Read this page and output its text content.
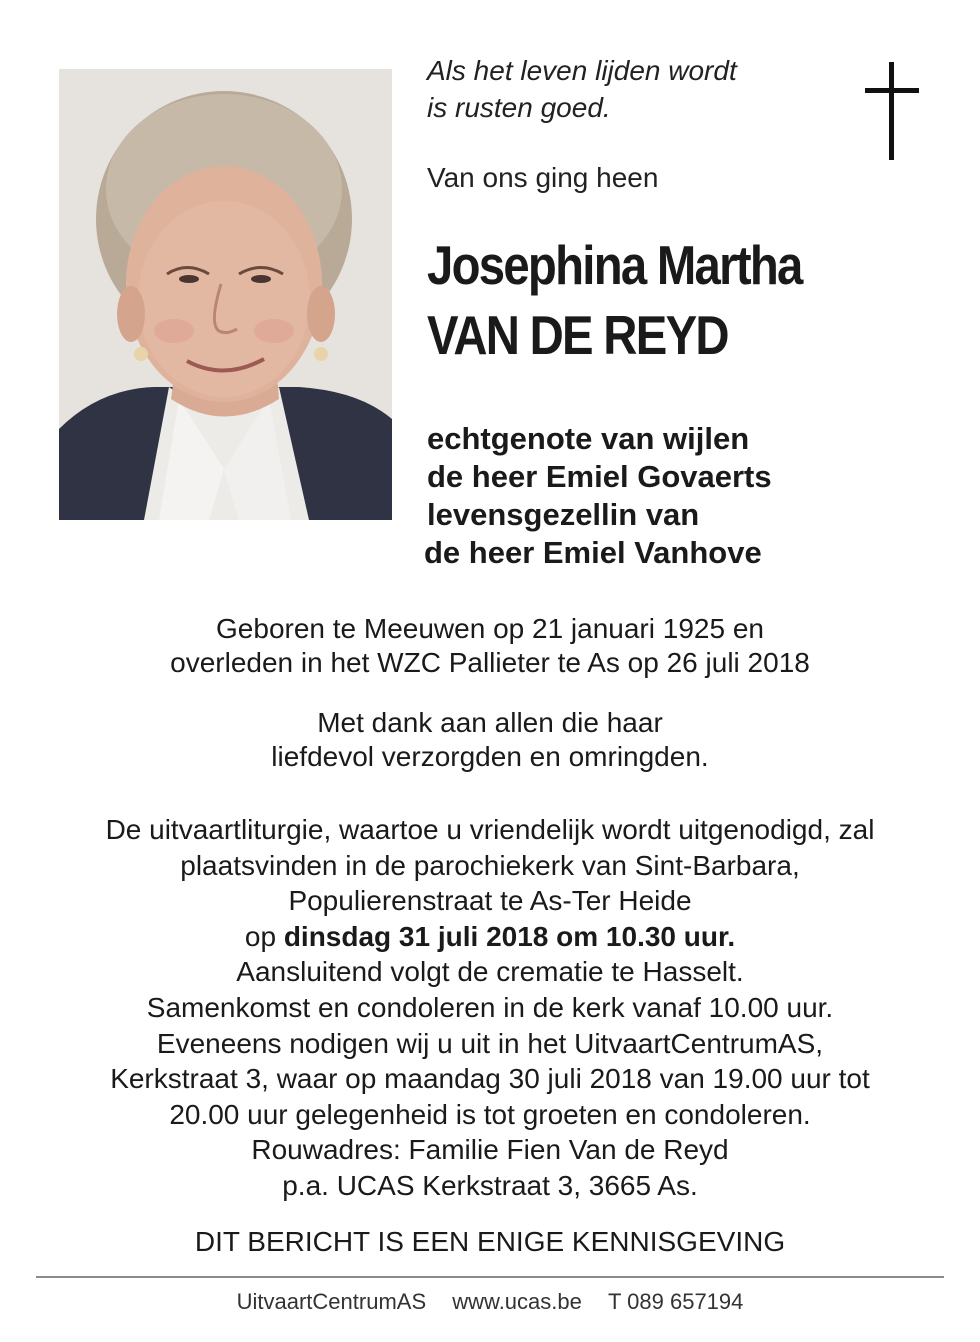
Als het leven lijden wordt
is rusten goed.
Van ons ging heen
Josephina Martha
VAN DE REYD
echtgenote van wijlen
de heer Emiel Govaerts
levensgezellin van
de heer Emiel Vanhove
Geboren te Meeuwen op 21 januari 1925 en
overleden in het WZC Pallieter te As op 26 juli 2018
Met dank aan allen die haar
liefdevol verzorgden en omringden.
De uitvaartliturgie, waartoe u vriendelijk wordt uitgenodigd, zal
plaatsvinden in de parochiekerk van Sint-Barbara,
Populierenstraat te As-Ter Heide
op dinsdag 31 juli 2018 om 10.30 uur.
Aansluitend volgt de crematie te Hasselt.
Samenkomst en condoleren in de kerk vanaf 10.00 uur.
Eveneens nodigen wij u uit in het UitvaartCentrumAS,
Kerkstraat 3, waar op maandag 30 juli 2018 van 19.00 uur tot
20.00 uur gelegenheid is tot groeten en condoleren.
Rouwadres: Familie Fien Van de Reyd
p.a. UCAS Kerkstraat 3, 3665 As.
DIT BERICHT IS EEN ENIGE KENNISGEVING
UitvaartCentrumAS www.ucas.be T 089 657194
